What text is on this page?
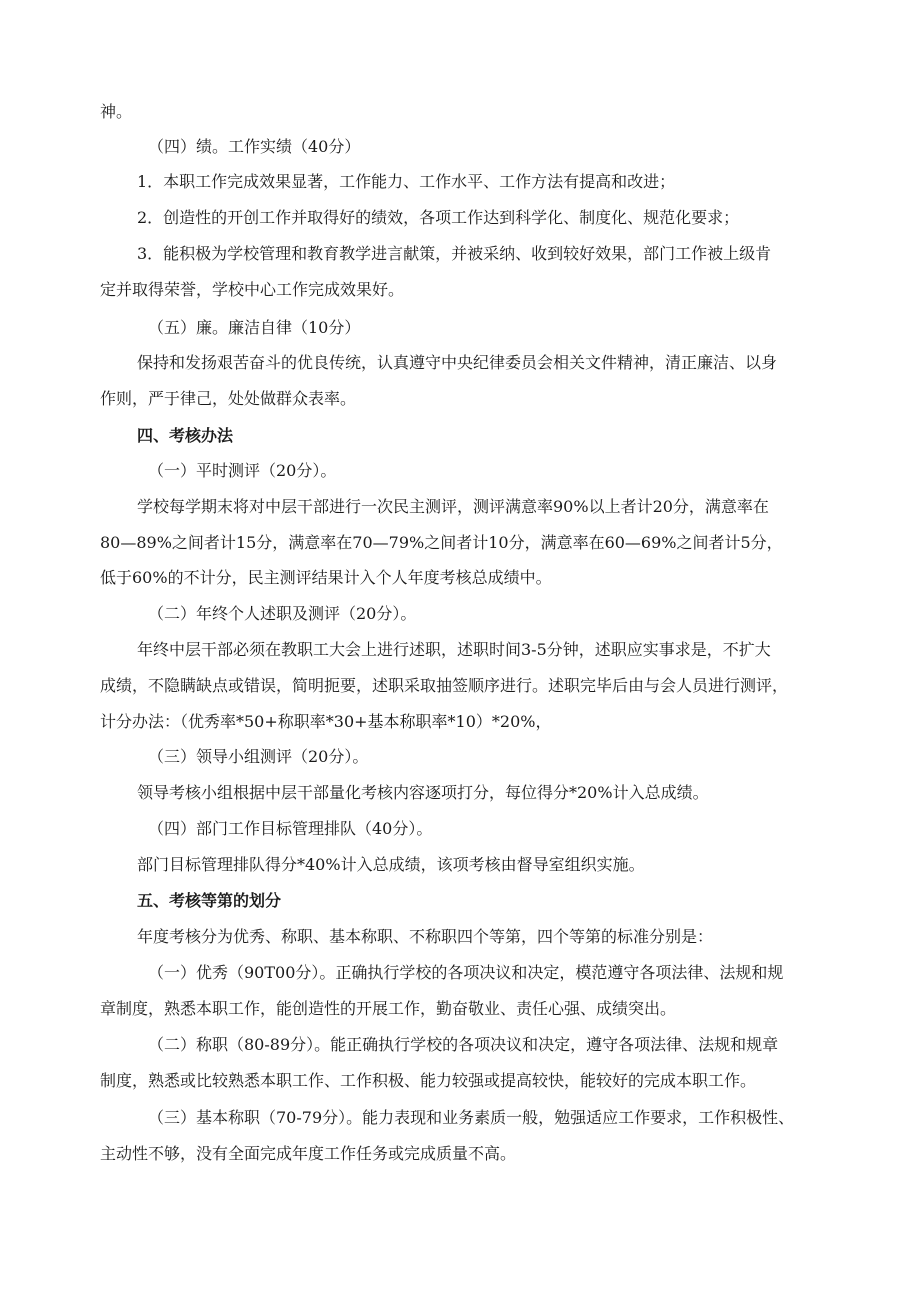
神。
（四）绩。工作实绩（40分）
1．本职工作完成效果显著，工作能力、工作水平、工作方法有提高和改进；
2．创造性的开创工作并取得好的绩效，各项工作达到科学化、制度化、规范化要求；
3．能积极为学校管理和教育教学进言献策，并被采纳、收到较好效果，部门工作被上级肯
定并取得荣誉，学校中心工作完成效果好。
（五）廉。廉洁自律（10分）
保持和发扬艰苦奋斗的优良传统，认真遵守中央纪律委员会相关文件精神，清正廉洁、以身
作则，严于律己，处处做群众表率。
四、考核办法
（一）平时测评（20分）。
学校每学期末将对中层干部进行一次民主测评，测评满意率90%以上者计20分，满意率在
80—89%之间者计15分，满意率在70—79%之间者计10分，满意率在60—69%之间者计5分，
低于60%的不计分，民主测评结果计入个人年度考核总成绩中。
（二）年终个人述职及测评（20分）。
年终中层干部必须在教职工大会上进行述职，述职时间3-5分钟，述职应实事求是，不扩大
成绩，不隐瞒缺点或错误，简明扼要，述职采取抽签顺序进行。述职完毕后由与会人员进行测评，
计分办法：（优秀率*50+称职率*30+基本称职率*10）*20%，
（三）领导小组测评（20分）。
领导考核小组根据中层干部量化考核内容逐项打分，每位得分*20%计入总成绩。
（四）部门工作目标管理排队（40分）。
部门目标管理排队得分*40%计入总成绩，该项考核由督导室组织实施。
五、考核等第的划分
年度考核分为优秀、称职、基本称职、不称职四个等第，四个等第的标准分别是：
（一）优秀（90T00分）。正确执行学校的各项决议和决定，模范遵守各项法律、法规和规
章制度，熟悉本职工作，能创造性的开展工作，勤奋敬业、责任心强、成绩突出。
（二）称职（80-89分）。能正确执行学校的各项决议和决定，遵守各项法律、法规和规章
制度，熟悉或比较熟悉本职工作、工作积极、能力较强或提高较快，能较好的完成本职工作。
（三）基本称职（70-79分）。能力表现和业务素质一般，勉强适应工作要求，工作积极性、
主动性不够，没有全面完成年度工作任务或完成质量不高。
